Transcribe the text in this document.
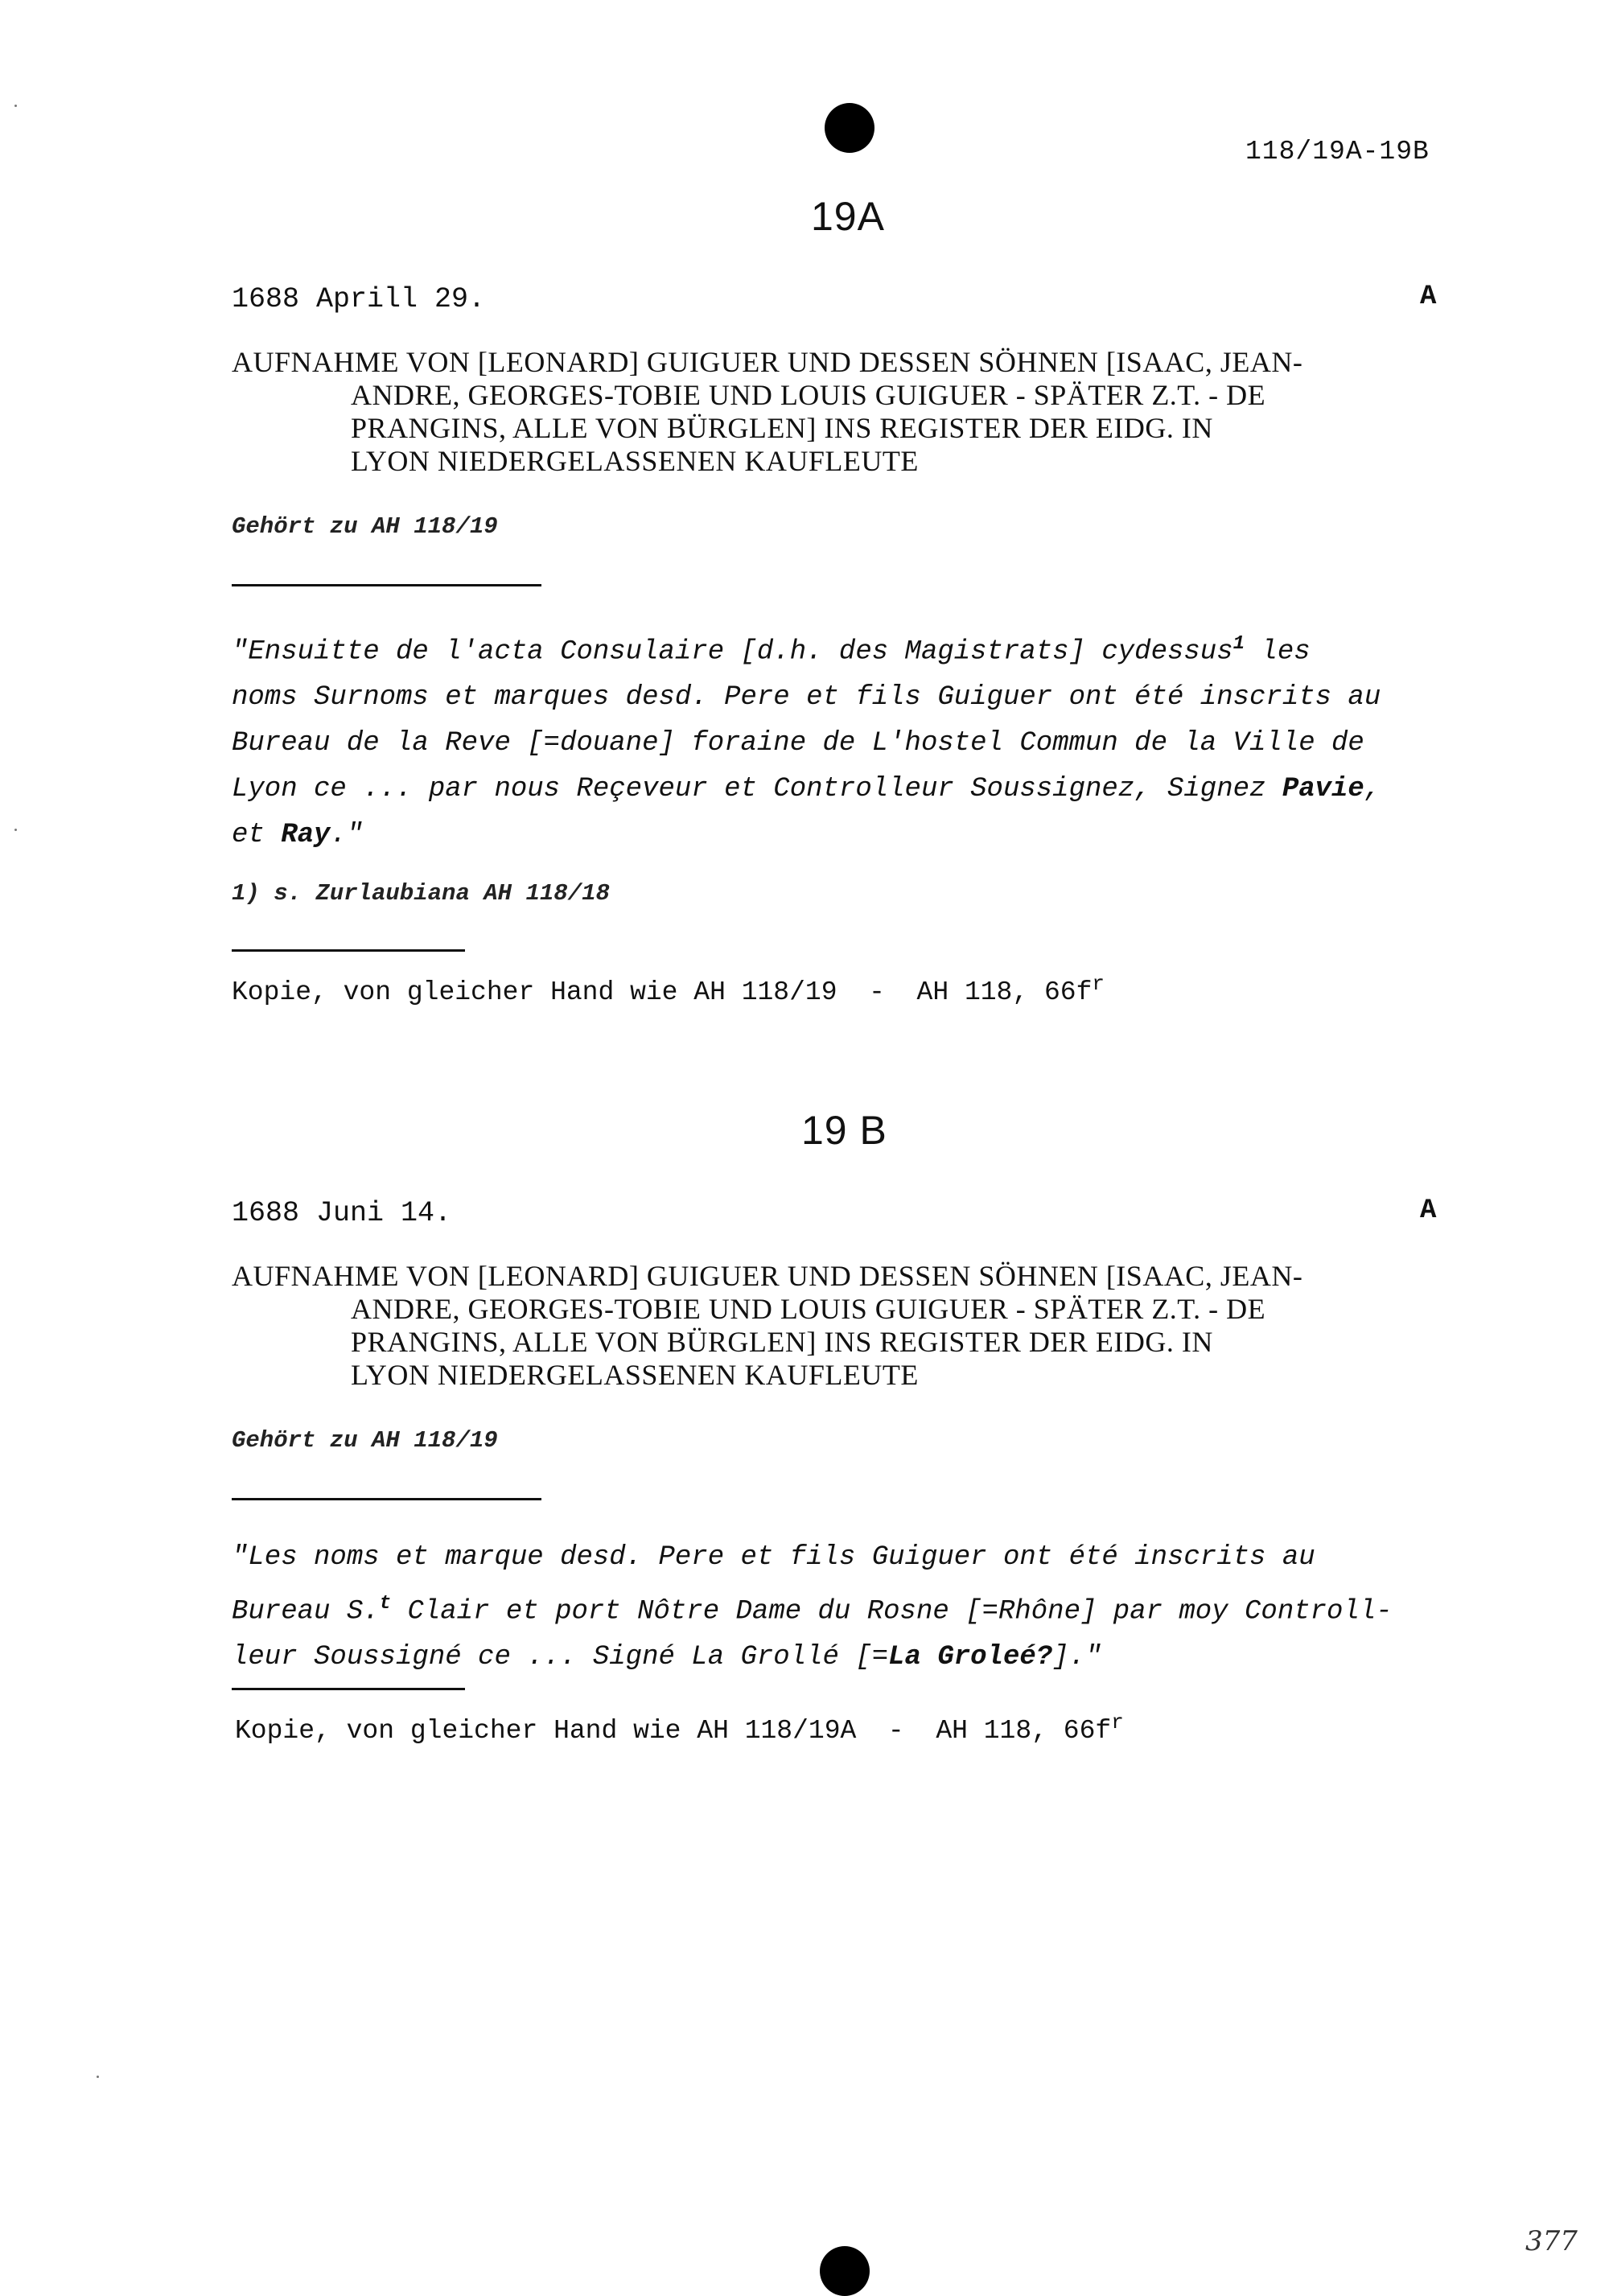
118/19A-19B
19A
1688 Aprill 29.	A
AUFNAHME VON [LEONARD] GUIGUER UND DESSEN SÖHNEN [ISAAC, JEAN-
ANDRE, GEORGES-TOBIE UND LOUIS GUIGUER - SPÄTER Z.T. - DE
PRANGINS, ALLE VON BÜRGLEN] INS REGISTER DER EIDG. IN
LYON NIEDERGELASSENEN KAUFLEUTE
Gehört zu AH 118/19
"Ensuitte de l'acta Consulaire [d.h. des Magistrats] cydessus$^1$ les
noms Surnoms et marques desd. Pere et fils Guiguer ont été inscrits au
Bureau de la Reve [=douane] foraine de L'hostel Commun de la Ville de
Lyon ce ... par nous Reçeveur et Controlleur Soussignez, Signez Pavie,
et Ray."
1) s. Zurlaubiana AH 118/18
Kopie, von gleicher Hand wie AH 118/19  -  AH 118, $66f^r$
19 B
1688 Juni 14.	A
AUFNAHME VON [LEONARD] GUIGUER UND DESSEN SÖHNEN [ISAAC, JEAN-
ANDRE, GEORGES-TOBIE UND LOUIS GUIGUER - SPÄTER Z.T. - DE
PRANGINS, ALLE VON BÜRGLEN] INS REGISTER DER EIDG. IN
LYON NIEDERGELASSENEN KAUFLEUTE
Gehört zu AH 118/19
"Les noms et marque desd. Pere et fils Guiguer ont été inscrits au
Bureau S.$^t$ Clair et port Nôtre Dame du Rosne [=Rhône] par moy Controll-
leur Soussigné ce ... Signé La Grollé [=La Groleé?]."
Kopie, von gleicher Hand wie AH 118/19A  -  AH 118, $66f^r$
377
